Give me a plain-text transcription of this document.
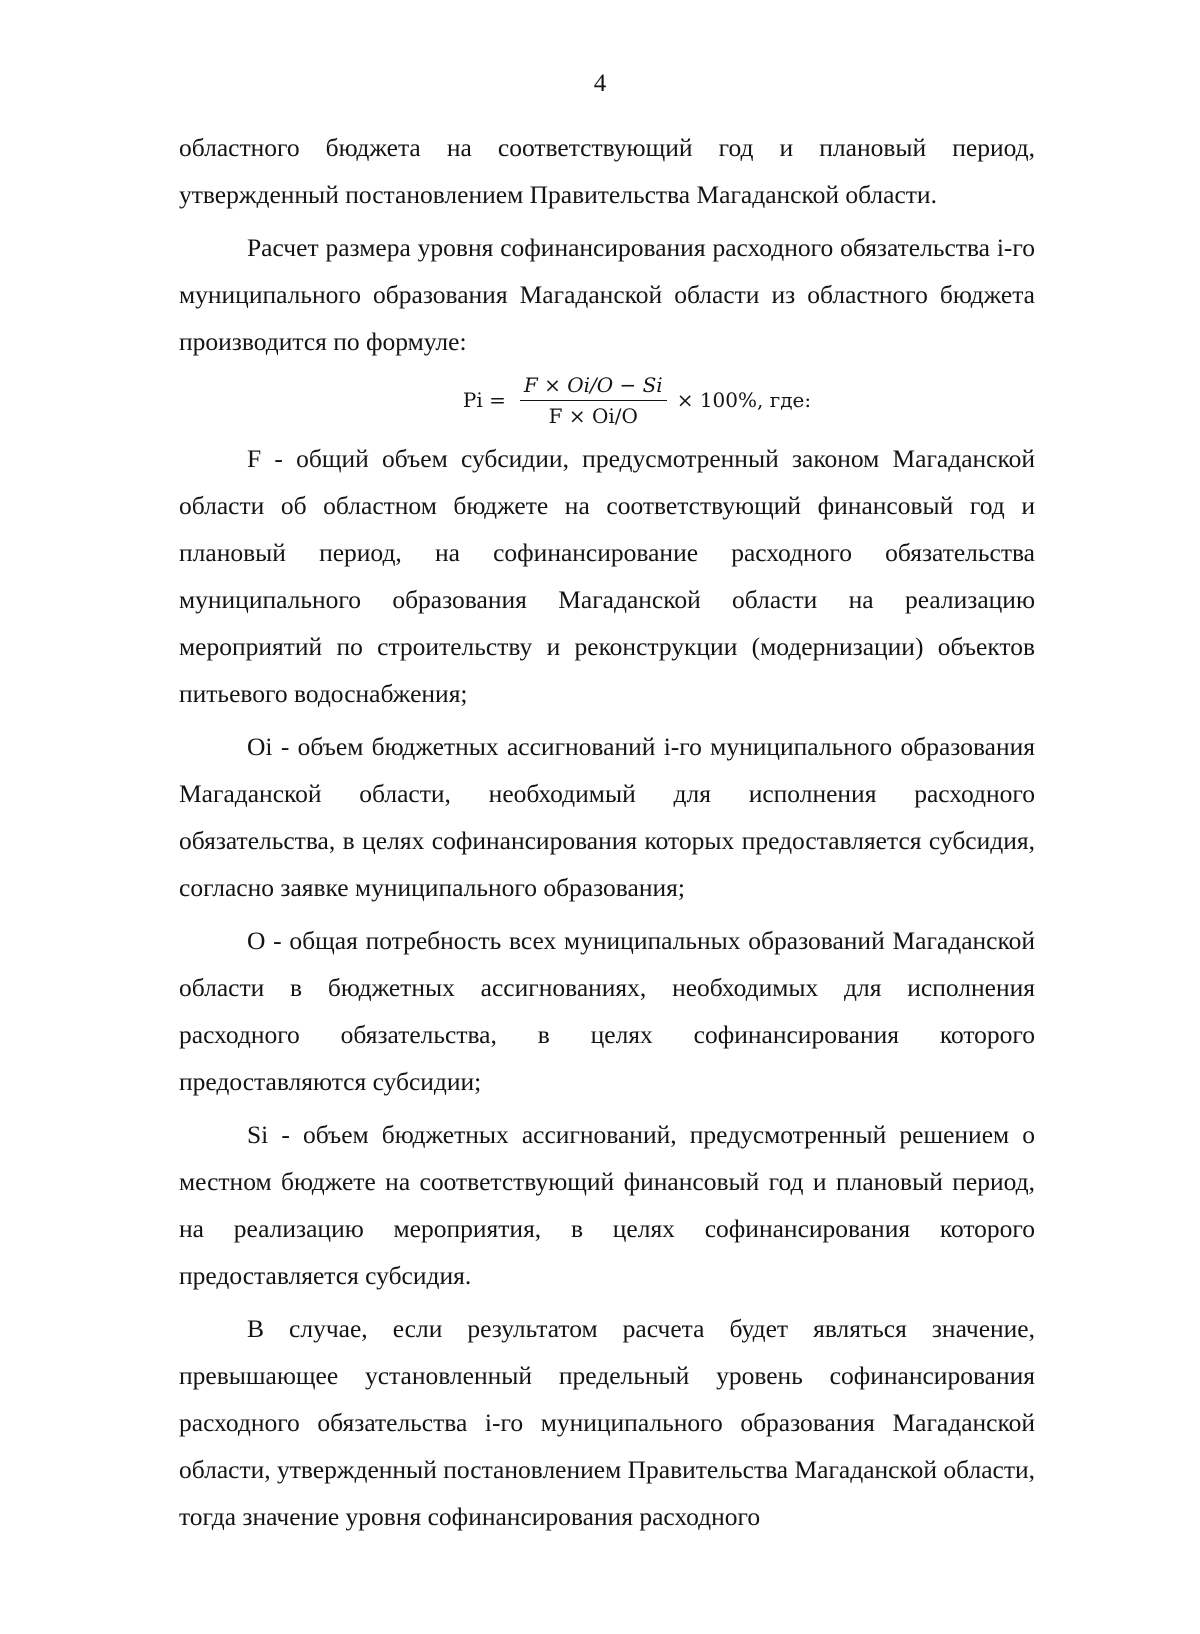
4

областного бюджета на соответствующий год и плановый период, утвержденный постановлением Правительства Магаданской области.

Расчет размера уровня софинансирования расходного обязательства i-го муниципального образования Магаданской области из областного бюджета производится по формуле:

$Pi = \frac{F \times Oi/O - Si}{F \times Oi/O} \times 100\%$, где:

F - общий объем субсидии, предусмотренный законом Магаданской области об областном бюджете на соответствующий финансовый год и плановый период, на софинансирование расходного обязательства муниципального образования Магаданской области на реализацию мероприятий по строительству и реконструкции (модернизации) объектов питьевого водоснабжения;

Oi - объем бюджетных ассигнований i-го муниципального образования Магаданской области, необходимый для исполнения расходного обязательства, в целях софинансирования которых предоставляется субсидия, согласно заявке муниципального образования;

О - общая потребность всех муниципальных образований Магаданской области в бюджетных ассигнованиях, необходимых для исполнения расходного обязательства, в целях софинансирования которого предоставляются субсидии;

Si - объем бюджетных ассигнований, предусмотренный решением о местном бюджете на соответствующий финансовый год и плановый период, на реализацию мероприятия, в целях софинансирования которого предоставляется субсидия.

В случае, если результатом расчета будет являться значение, превышающее установленный предельный уровень софинансирования расходного обязательства i-го муниципального образования Магаданской области, утвержденный постановлением Правительства Магаданской области, тогда значение уровня софинансирования расходного
